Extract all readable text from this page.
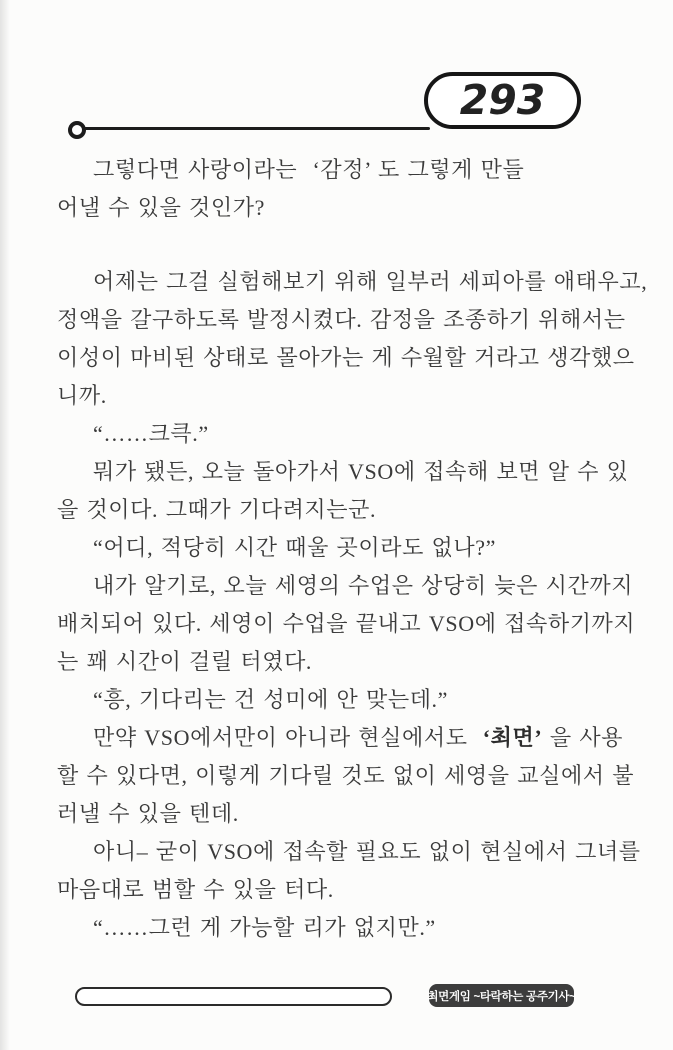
293
그렇다면 사랑이라는  ‘감정’ 도 그렇게 만들
어낼 수 있을 것인가?
어제는 그걸 실험해보기 위해 일부러 세피아를 애태우고,
정액을 갈구하도록 발정시켰다. 감정을 조종하기 위해서는
이성이 마비된 상태로 몰아가는 게 수월할 거라고 생각했으
니까.
“……크큭.”
뭐가 됐든, 오늘 돌아가서 VSO에 접속해 보면 알 수 있
을 것이다. 그때가 기다려지는군.
“어디, 적당히 시간 때울 곳이라도 없나?”
내가 알기로, 오늘 세영의 수업은 상당히 늦은 시간까지
배치되어 있다. 세영이 수업을 끝내고 VSO에 접속하기까지
는 꽤 시간이 걸릴 터였다.
“흥, 기다리는 건 성미에 안 맞는데.”
만약 VSO에서만이 아니라 현실에서도  ‘최면’ 을 사용
할 수 있다면, 이렇게 기다릴 것도 없이 세영을 교실에서 불
러낼 수 있을 텐데.
아니– 굳이 VSO에 접속할 필요도 없이 현실에서 그녀를
마음대로 범할 수 있을 터다.
“……그런 게 가능할 리가 없지만.”
최면게임 ~타락하는 공주기사~
